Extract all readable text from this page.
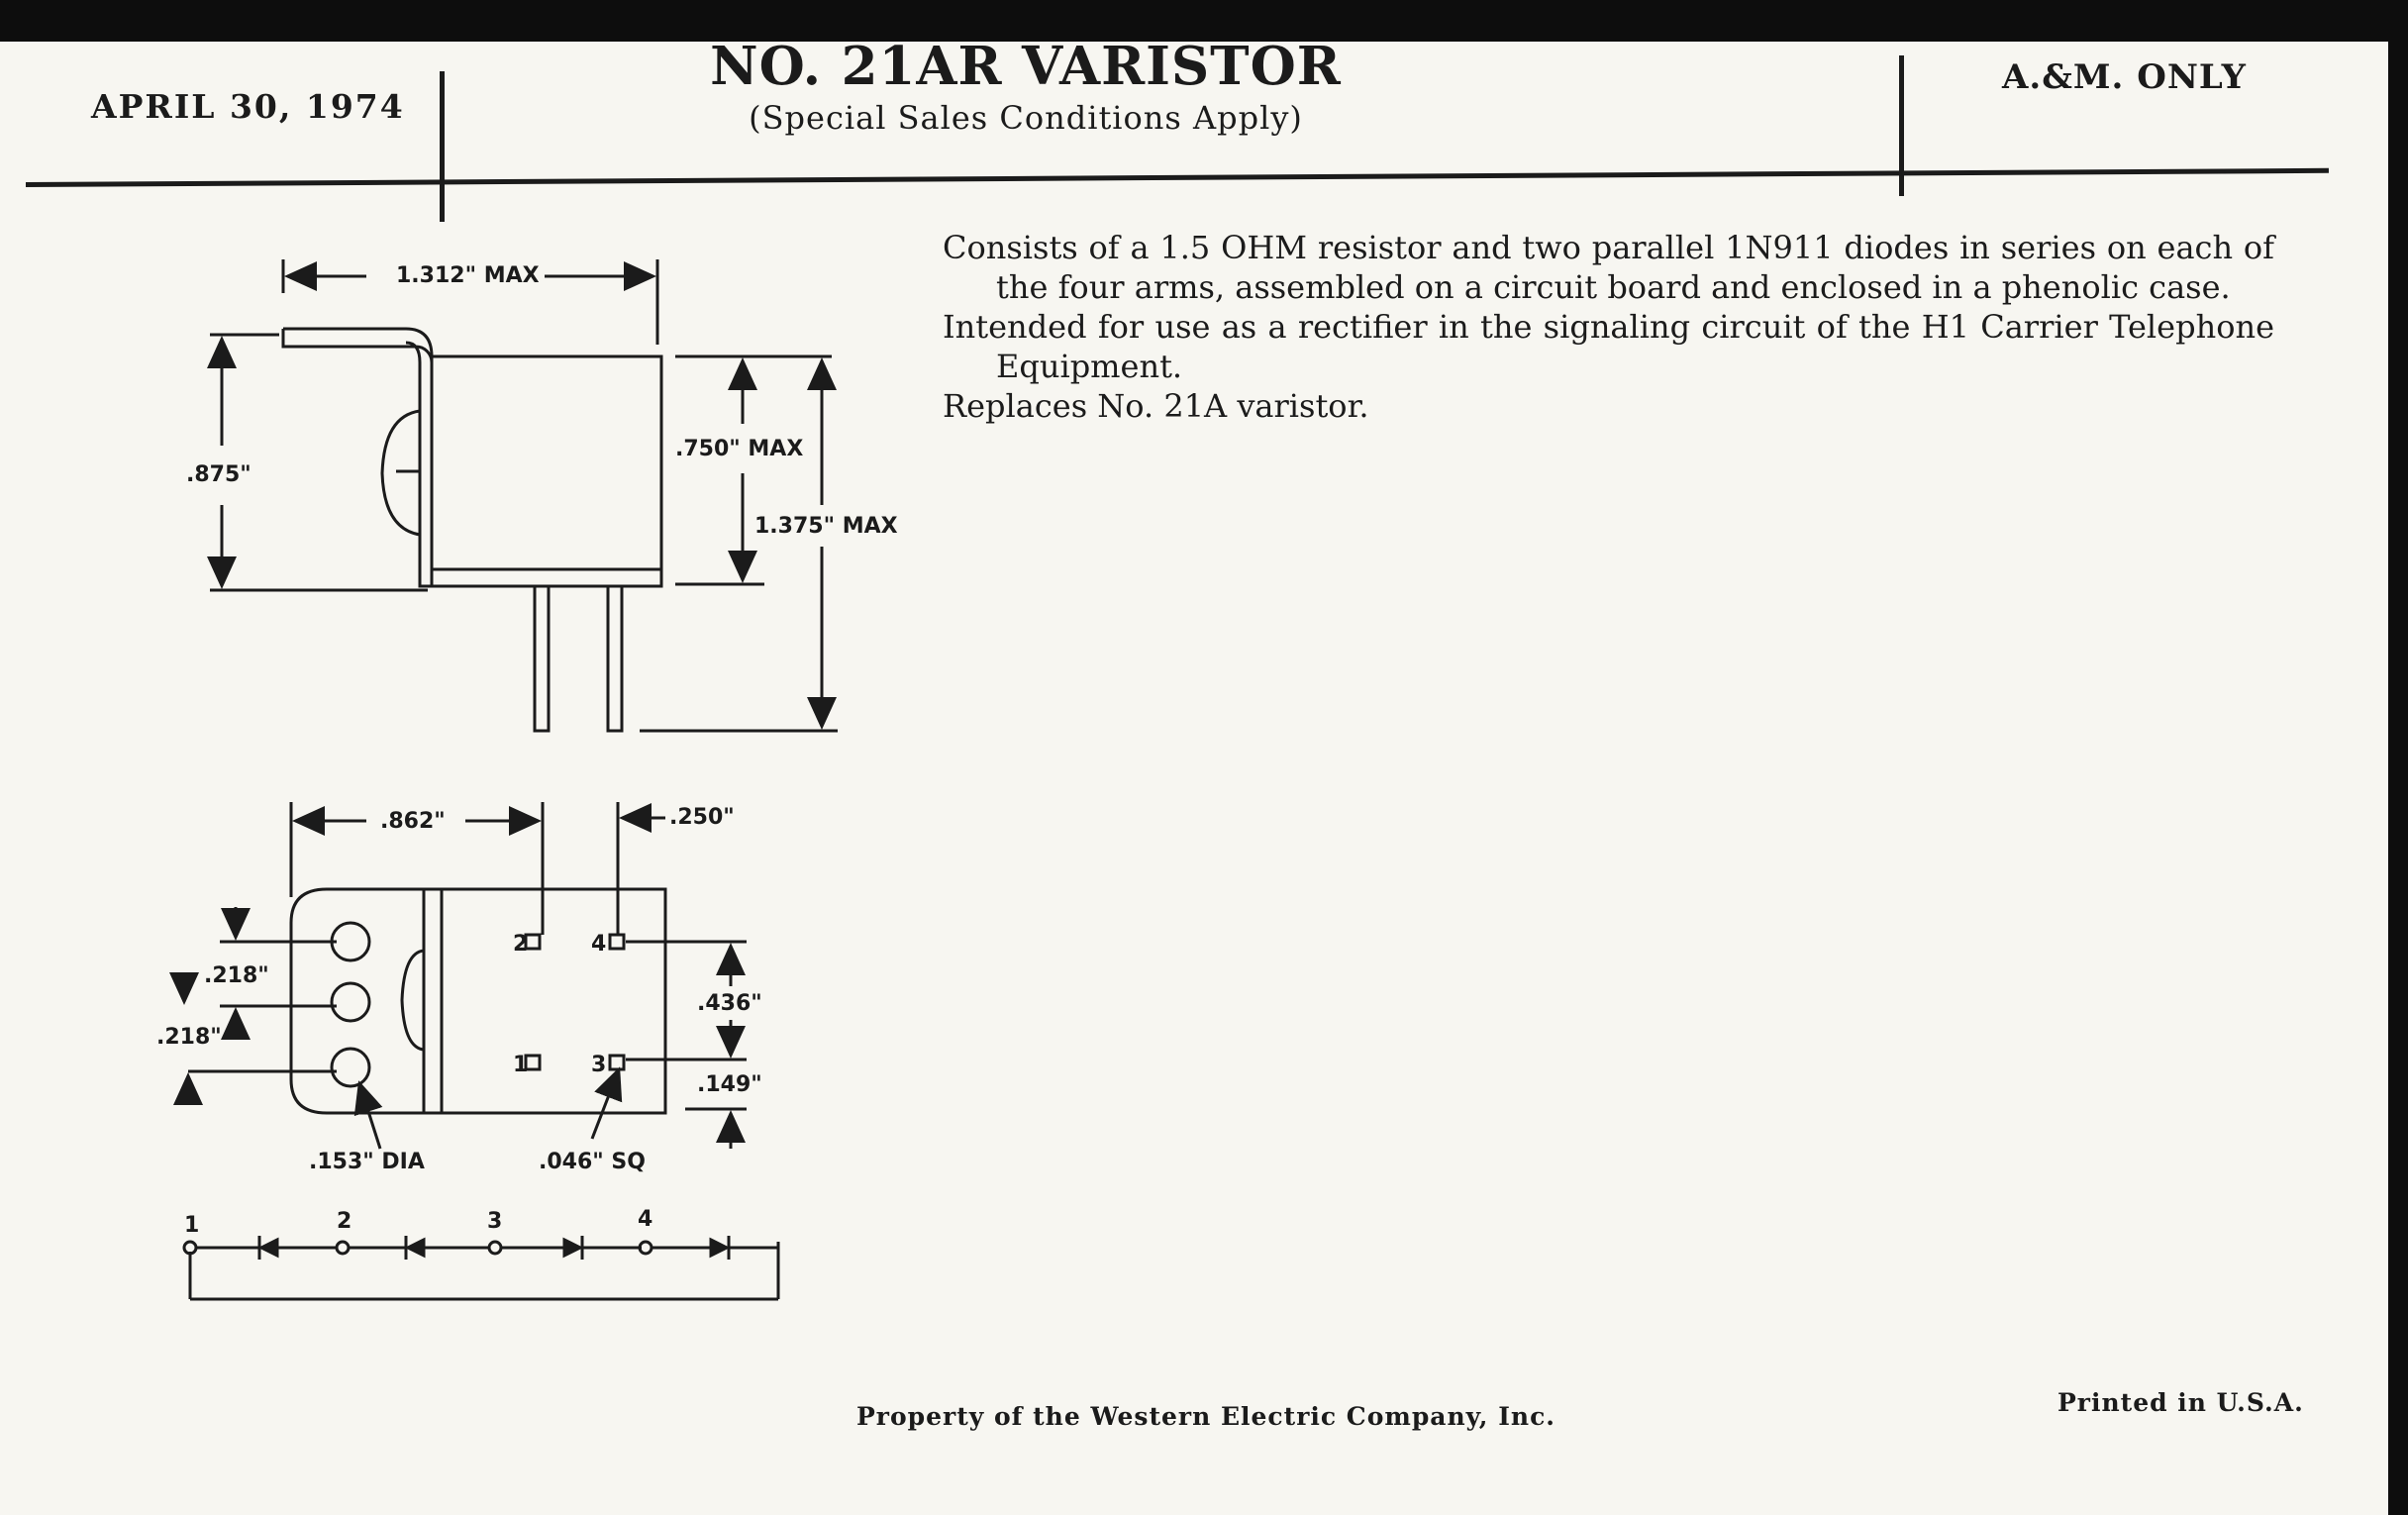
APRIL 30, 1974
NO. 21AR VARISTOR
(Special Sales Conditions Apply)
A.&M. ONLY

Consists of a 1.5 OHM resistor and two parallel 1N911 diodes in series on each of the four arms, assembled on a circuit board and enclosed in a phenolic case.

Intended for use as a rectifier in the signaling circuit of the H1 Carrier Telephone Equipment.

Replaces No. 21A varistor.

1.312" MAX
.875"
.750" MAX
1.375" MAX
.862"	.250"
.218"
.218"
.436"
.149"
.153" DIA	.046" SQ
2	4
1	3
1	2	3	4
Property of the Western Electric Company, Inc.	Printed in U.S.A.
